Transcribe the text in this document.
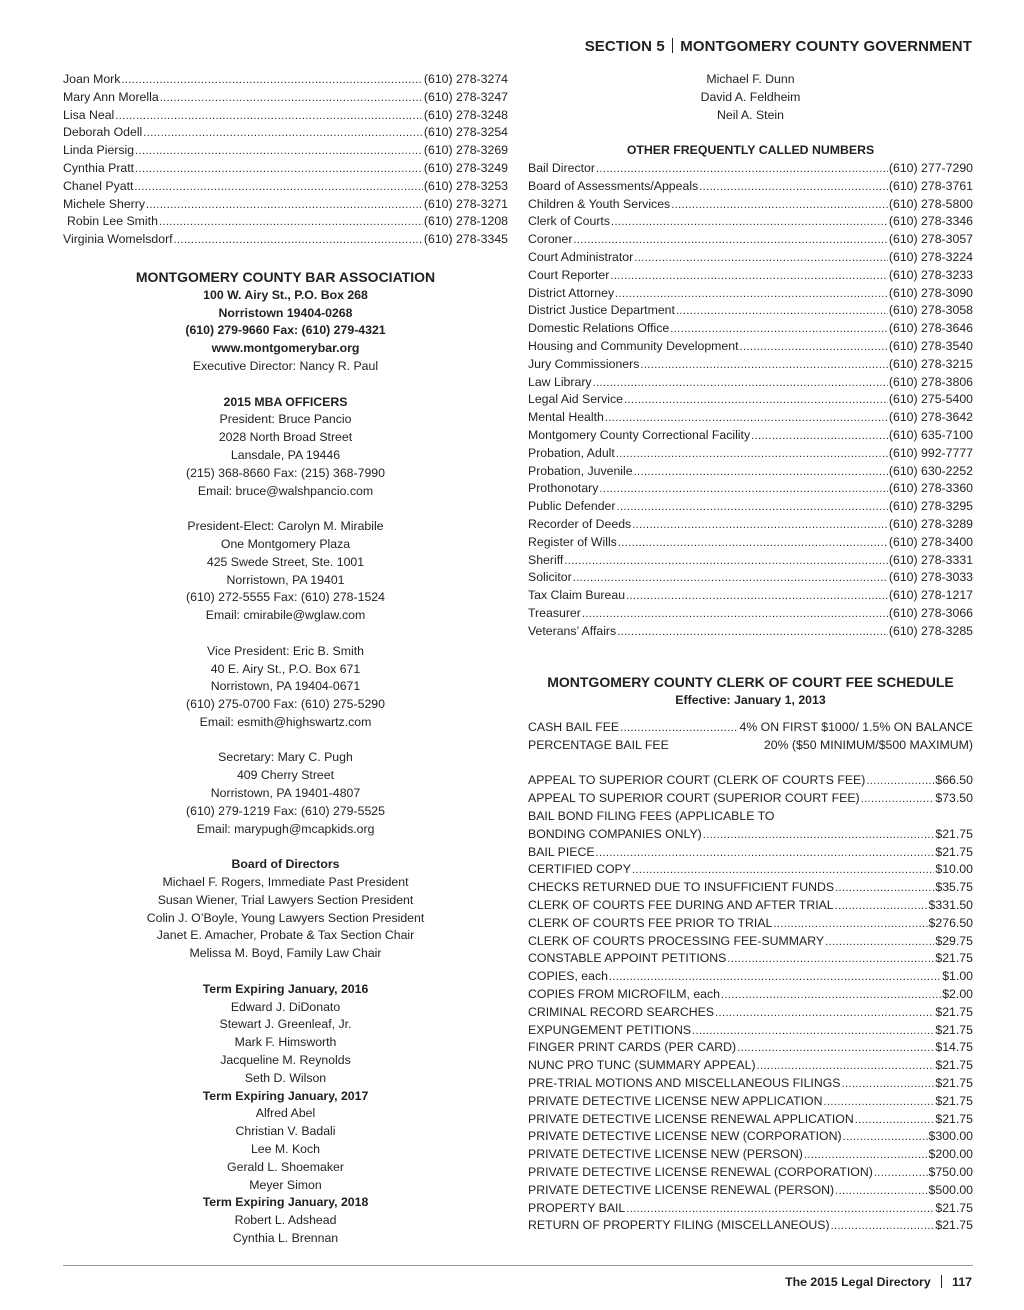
SECTION 5 MONTGOMERY COUNTY GOVERNMENT
Joan Mork .....	(610) 278-3274
Mary Ann Morella .....	(610) 278-3247
Lisa Neal .....	(610) 278-3248
Deborah Odell .....	(610) 278-3254
Linda Piersig .....	(610) 278-3269
Cynthia Pratt .....	(610) 278-3249
Chanel Pyatt .....	(610) 278-3253
Michele Sherry .....	(610) 278-3271
Robin Lee Smith .....	(610) 278-1208
Virginia Womelsdorf .....	(610) 278-3345
MONTGOMERY COUNTY BAR ASSOCIATION
100 W. Airy St., P.O. Box 268
Norristown 19404-0268
(610) 279-9660 Fax: (610) 279-4321
www.montgomerybar.org
Executive Director: Nancy R. Paul
2015 MBA OFFICERS
President: Bruce Pancio
2028 North Broad Street
Lansdale, PA 19446
(215) 368-8660 Fax: (215) 368-7990
Email: bruce@walshpancio.com
President-Elect: Carolyn M. Mirabile
One Montgomery Plaza
425 Swede Street, Ste. 1001
Norristown, PA 19401
(610) 272-5555 Fax: (610) 278-1524
Email: cmirabile@wglaw.com
Vice President: Eric B. Smith
40 E. Airy St., P.O. Box 671
Norristown, PA 19404-0671
(610) 275-0700 Fax: (610) 275-5290
Email: esmith@highswartz.com
Secretary: Mary C. Pugh
409 Cherry Street
Norristown, PA 19401-4807
(610) 279-1219 Fax: (610) 279-5525
Email: marypugh@mcapkids.org
Board of Directors
Michael F. Rogers, Immediate Past President
Susan Wiener, Trial Lawyers Section President
Colin J. O’Boyle, Young Lawyers Section President
Janet E. Amacher, Probate & Tax Section Chair
Melissa M. Boyd, Family Law Chair
Term Expiring January, 2016
Edward J. DiDonato
Stewart J. Greenleaf, Jr.
Mark F. Himsworth
Jacqueline M. Reynolds
Seth D. Wilson
Term Expiring January, 2017
Alfred Abel
Christian V. Badali
Lee M. Koch
Gerald L. Shoemaker
Meyer Simon
Term Expiring January, 2018
Robert L. Adshead
Cynthia L. Brennan
Michael F. Dunn
David A. Feldheim
Neil A. Stein
OTHER FREQUENTLY CALLED NUMBERS
Bail Director .....	(610) 277-7290
Board of Assessments/Appeals .....	(610) 278-3761
Children & Youth Services .....	(610) 278-5800
Clerk of Courts .....	(610) 278-3346
Coroner .....	(610) 278-3057
Court Administrator .....	(610) 278-3224
Court Reporter .....	(610) 278-3233
District Attorney .....	(610) 278-3090
District Justice Department .....	(610) 278-3058
Domestic Relations Office .....	(610) 278-3646
Housing and Community Development .....	(610) 278-3540
Jury Commissioners .....	(610) 278-3215
Law Library .....	(610) 278-3806
Legal Aid Service .....	(610) 275-5400
Mental Health .....	(610) 278-3642
Montgomery County Correctional Facility .....	(610) 635-7100
Probation, Adult .....	(610) 992-7777
Probation, Juvenile .....	(610) 630-2252
Prothonotary .....	(610) 278-3360
Public Defender .....	(610) 278-3295
Recorder of Deeds .....	(610) 278-3289
Register of Wills .....	(610) 278-3400
Sheriff .....	(610) 278-3331
Solicitor .....	(610) 278-3033
Tax Claim Bureau .....	(610) 278-1217
Treasurer .....	(610) 278-3066
Veterans’ Affairs .....	(610) 278-3285
MONTGOMERY COUNTY CLERK OF COURT FEE SCHEDULE
Effective: January 1, 2013
CASH BAIL FEE .....	4% ON FIRST $1000/ 1.5% ON BALANCE
PERCENTAGE BAIL FEE	20% ($50 MINIMUM/$500 MAXIMUM)
APPEAL TO SUPERIOR COURT (CLERK OF COURTS FEE) .....	$66.50
APPEAL TO SUPERIOR COURT (SUPERIOR COURT FEE) .....	$73.50
BAIL BOND FILING FEES (APPLICABLE TO
BONDING COMPANIES ONLY) .....	$21.75
BAIL PIECE .....	$21.75
CERTIFIED COPY .....	$10.00
CHECKS RETURNED DUE TO INSUFFICIENT FUNDS .....	$35.75
CLERK OF COURTS FEE DURING AND AFTER TRIAL .....	$331.50
CLERK OF COURTS FEE PRIOR TO TRIAL .....	$276.50
CLERK OF COURTS PROCESSING FEE-SUMMARY .....	$29.75
CONSTABLE APPOINT PETITIONS .....	$21.75
COPIES, each .....	$1.00
COPIES FROM MICROFILM, each .....	$2.00
CRIMINAL RECORD SEARCHES .....	$21.75
EXPUNGEMENT PETITIONS .....	$21.75
FINGER PRINT CARDS (PER CARD) .....	$14.75
NUNC PRO TUNC (SUMMARY APPEAL) .....	$21.75
PRE-TRIAL MOTIONS AND MISCELLANEOUS FILINGS .....	$21.75
PRIVATE DETECTIVE LICENSE NEW APPLICATION .....	$21.75
PRIVATE DETECTIVE LICENSE RENEWAL APPLICATION .....	$21.75
PRIVATE DETECTIVE LICENSE NEW (CORPORATION) .....	$300.00
PRIVATE DETECTIVE LICENSE NEW (PERSON) .....	$200.00
PRIVATE DETECTIVE LICENSE RENEWAL (CORPORATION) .....	$750.00
PRIVATE DETECTIVE LICENSE RENEWAL (PERSON) .....	$500.00
PROPERTY BAIL .....	$21.75
RETURN OF PROPERTY FILING (MISCELLANEOUS) .....	$21.75
The 2015 Legal Directory 117
